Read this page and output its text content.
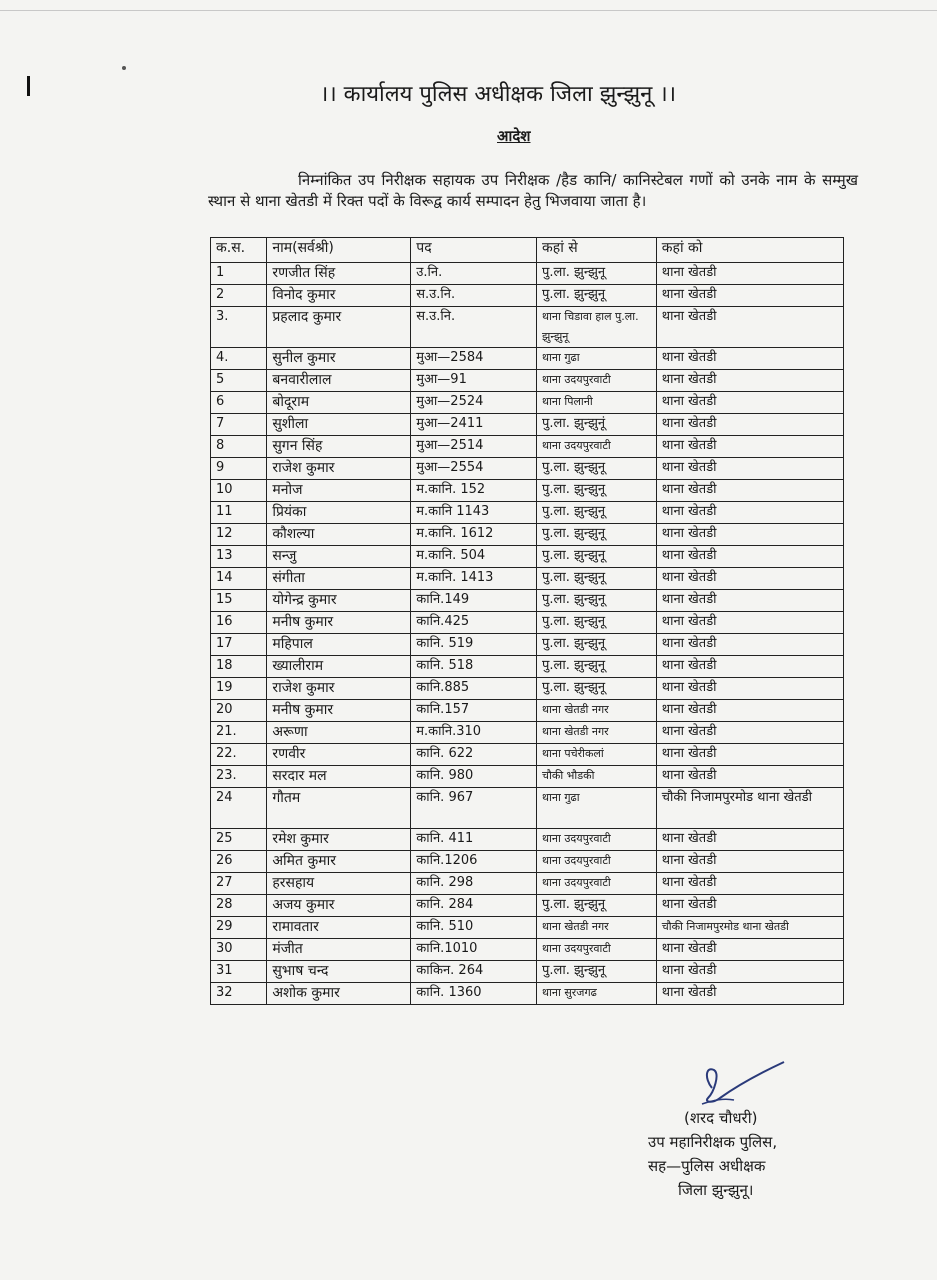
।। कार्यालय पुलिस अधीक्षक जिला झुन्झुनू ।।
आदेश
निम्नांकित उप निरीक्षक सहायक उप निरीक्षक /हैड कानि/ कानिस्टेबल गणों को उनके नाम के सम्मुख स्थान से थाना खेतडी में रिक्त पदों के विरूद्व कार्य सम्पादन हेतु भिजवाया जाता है।
क.स.	नाम(सर्वश्री)	पद	कहां से	कहां को
1	रणजीत सिंह	उ.नि.	पु.ला. झुन्झुनू	थाना खेतडी
2	विनोद कुमार	स.उ.नि.	पु.ला. झुन्झुनू	थाना खेतडी
3.	प्रहलाद कुमार	स.उ.नि.	थाना चिडावा हाल पु.ला. झुन्झुनू	थाना खेतडी
4.	सुनील कुमार	मुआ—2584	थाना गुढा	थाना खेतडी
5	बनवारीलाल	मुआ—91	थाना उदयपुरवाटी	थाना खेतडी
6	बोदूराम	मुआ—2524	थाना पिलानी	थाना खेतडी
7	सुशीला	मुआ—2411	पु.ला. झुन्झुनूं	थाना खेतडी
8	सुगन सिंह	मुआ—2514	थाना उदयपुरवाटी	थाना खेतडी
9	राजेश कुमार	मुआ—2554	पु.ला. झुन्झुनू	थाना खेतडी
10	मनोज	म.कानि. 152	पु.ला. झुन्झुनू	थाना खेतडी
11	प्रियंका	म.कानि 1143	पु.ला. झुन्झुनू	थाना खेतडी
12	कौशल्या	म.कानि. 1612	पु.ला. झुन्झुनू	थाना खेतडी
13	सन्जु	म.कानि. 504	पु.ला. झुन्झुनू	थाना खेतडी
14	संगीता	म.कानि. 1413	पु.ला. झुन्झुनू	थाना खेतडी
15	योगेन्द्र कुमार	कानि.149	पु.ला. झुन्झुनू	थाना खेतडी
16	मनीष कुमार	कानि.425	पु.ला. झुन्झुनू	थाना खेतडी
17	महिपाल	कानि. 519	पु.ला. झुन्झुनू	थाना खेतडी
18	ख्यालीराम	कानि. 518	पु.ला. झुन्झुनू	थाना खेतडी
19	राजेश कुमार	कानि.885	पु.ला. झुन्झुनू	थाना खेतडी
20	मनीष कुमार	कानि.157	थाना खेतडी नगर	थाना खेतडी
21.	अरूणा	म.कानि.310	थाना खेतडी नगर	थाना खेतडी
22.	रणवीर	कानि. 622	थाना पचेरीकलां	थाना खेतडी
23.	सरदार मल	कानि. 980	चौकी भौडकी	थाना खेतडी
24	गौतम	कानि. 967	थाना गुढा	चौकी निजामपुरमोड थाना खेतडी
25	रमेश कुमार	कानि. 411	थाना उदयपुरवाटी	थाना खेतडी
26	अमित कुमार	कानि.1206	थाना उदयपुरवाटी	थाना खेतडी
27	हरसहाय	कानि. 298	थाना उदयपुरवाटी	थाना खेतडी
28	अजय कुमार	कानि. 284	पु.ला. झुन्झुनू	थाना खेतडी
29	रामावतार	कानि. 510	थाना खेतडी नगर	चौकी निजामपुरमोड थाना खेतडी
30	मंजीत	कानि.1010	थाना उदयपुरवाटी	थाना खेतडी
31	सुभाष चन्द	काकिन. 264	पु.ला. झुन्झुनू	थाना खेतडी
32	अशोक कुमार	कानि. 1360	थाना सुरजगढ	थाना खेतडी
(शरद चौधरी)
उप महानिरीक्षक पुलिस,
सह—पुलिस अधीक्षक
जिला झुन्झुनू।
